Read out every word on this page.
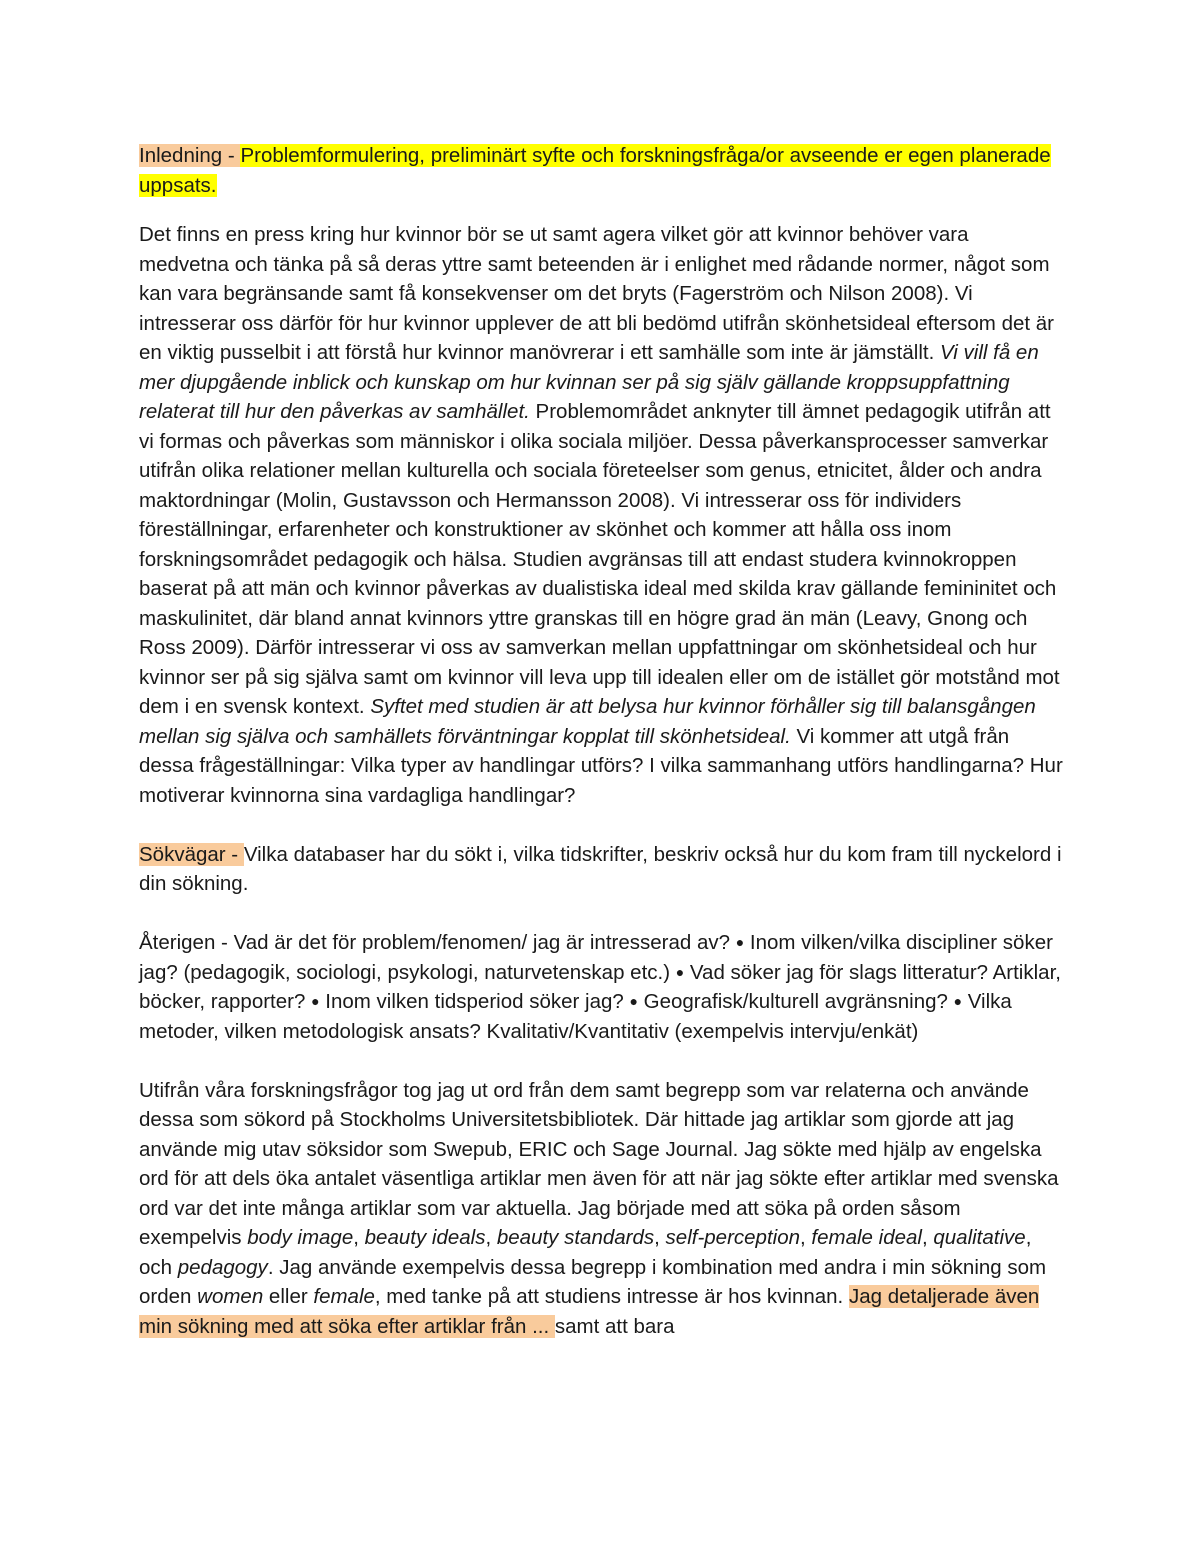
Inledning - Problemformulering, preliminärt syfte och forskningsfråga/or avseende er egen planerade uppsats.

Det finns en press kring hur kvinnor bör se ut samt agera vilket gör att kvinnor behöver vara medvetna och tänka på så deras yttre samt beteenden är i enlighet med rådande normer, något som kan vara begränsande samt få konsekvenser om det bryts (Fagerström och Nilson 2008). Vi intresserar oss därför för hur kvinnor upplever de att bli bedömd utifrån skönhetsideal eftersom det är en viktig pusselbit i att förstå hur kvinnor manövrerar i ett samhälle som inte är jämställt. Vi vill få en mer djupgående inblick och kunskap om hur kvinnan ser på sig själv gällande kroppsuppfattning relaterat till hur den påverkas av samhället. Problemområdet anknyter till ämnet pedagogik utifrån att vi formas och påverkas som människor i olika sociala miljöer. Dessa påverkansprocesser samverkar utifrån olika relationer mellan kulturella och sociala företeelser som genus, etnicitet, ålder och andra maktordningar (Molin, Gustavsson och Hermansson 2008). Vi intresserar oss för individers föreställningar, erfarenheter och konstruktioner av skönhet och kommer att hålla oss inom forskningsområdet pedagogik och hälsa. Studien avgränsas till att endast studera kvinnokroppen baserat på att män och kvinnor påverkas av dualistiska ideal med skilda krav gällande femininitet och maskulinitet, där bland annat kvinnors yttre granskas till en högre grad än män (Leavy, Gnong och Ross 2009). Därför intresserar vi oss av samverkan mellan uppfattningar om skönhetsideal och hur kvinnor ser på sig själva samt om kvinnor vill leva upp till idealen eller om de istället gör motstånd mot dem i en svensk kontext. Syftet med studien är att belysa hur kvinnor förhåller sig till balansgången mellan sig själva och samhällets förväntningar kopplat till skönhetsideal. Vi kommer att utgå från dessa frågeställningar: Vilka typer av handlingar utförs? I vilka sammanhang utförs handlingarna? Hur motiverar kvinnorna sina vardagliga handlingar?

Sökvägar - Vilka databaser har du sökt i, vilka tidskrifter, beskriv också hur du kom fram till nyckelord i din sökning.

Återigen - Vad är det för problem/fenomen/ jag är intresserad av? ● Inom vilken/vilka discipliner söker jag? (pedagogik, sociologi, psykologi, naturvetenskap etc.) ● Vad söker jag för slags litteratur? Artiklar, böcker, rapporter? ● Inom vilken tidsperiod söker jag? ● Geografisk/kulturell avgränsning? ● Vilka metoder, vilken metodologisk ansats? Kvalitativ/Kvantitativ (exempelvis intervju/enkät)

Utifrån våra forskningsfrågor tog jag ut ord från dem samt begrepp som var relaterna och använde dessa som sökord på Stockholms Universitetsbibliotek. Där hittade jag artiklar som gjorde att jag använde mig utav söksidor som Swepub, ERIC och Sage Journal. Jag sökte med hjälp av engelska ord för att dels öka antalet väsentliga artiklar men även för att när jag sökte efter artiklar med svenska ord var det inte många artiklar som var aktuella. Jag började med att söka på orden såsom exempelvis body image, beauty ideals, beauty standards, self-perception, female ideal, qualitative, och pedagogy. Jag använde exempelvis dessa begrepp i kombination med andra i min sökning som orden women eller female, med tanke på att studiens intresse är hos kvinnan. Jag detaljerade även min sökning med att söka efter artiklar från ... samt att bara
